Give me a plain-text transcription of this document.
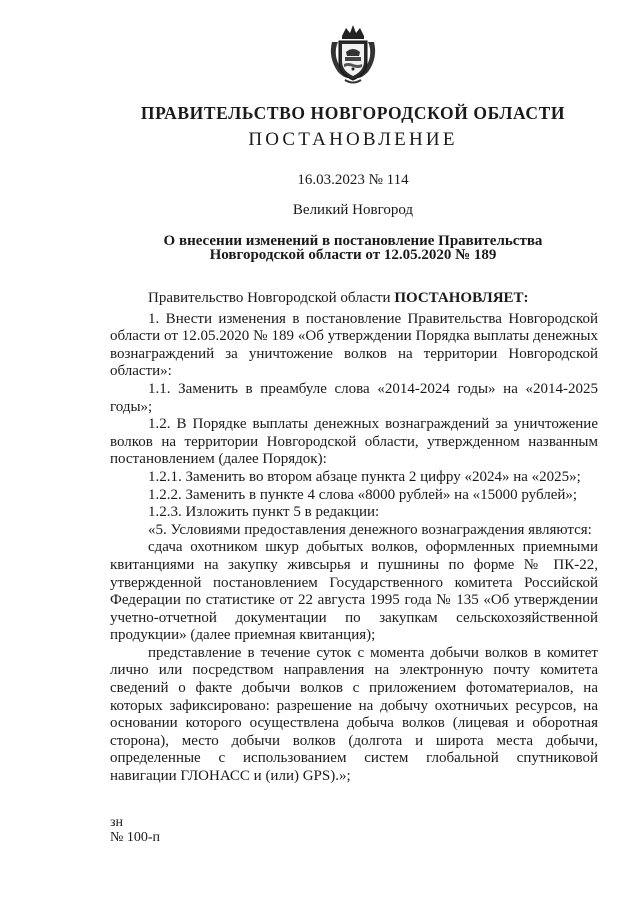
ПРАВИТЕЛЬСТВО НОВГОРОДСКОЙ ОБЛАСТИ
ПОСТАНОВЛЕНИЕ
16.03.2023 № 114
Великий Новгород
О внесении изменений в постановление Правительства
Новгородской области от 12.05.2020 № 189

Правительство Новгородской области ПОСТАНОВЛЯЕТ:

1. Внести изменения в постановление Правительства Новгородской области от 12.05.2020 № 189 «Об утверждении Порядка выплаты денежных вознаграждений за уничтожение волков на территории Новгородской области»:

1.1. Заменить в преамбуле слова «2014-2024 годы» на «2014-2025 годы»;

1.2. В Порядке выплаты денежных вознаграждений за уничтожение волков на территории Новгородской области, утвержденном названным постановлением (далее Порядок):

1.2.1. Заменить во втором абзаце пункта 2 цифру «2024» на «2025»;

1.2.2. Заменить в пункте 4 слова «8000 рублей» на «15000 рублей»;

1.2.3. Изложить пункт 5 в редакции:

«5. Условиями предоставления денежного вознаграждения являются:

сдача охотником шкур добытых волков, оформленных приемными квитанциями на закупку живсырья и пушнины по форме № ПК-22, утвержденной постановлением Государственного комитета Российской Федерации по статистике от 22 августа 1995 года № 135 «Об утверждении учетно-отчетной документации по закупкам сельскохозяйственной продукции» (далее приемная квитанция);

представление в течение суток с момента добычи волков в комитет лично или посредством направления на электронную почту комитета сведений о факте добычи волков с приложением фотоматериалов, на которых зафиксировано: разрешение на добычу охотничьих ресурсов, на основании которого осуществлена добыча волков (лицевая и оборотная сторона), место добычи волков (долгота и широта места добычи, определенные с использованием систем глобальной спутниковой навигации ГЛОНАСС и (или) GPS).»;

зн
№ 100-п
